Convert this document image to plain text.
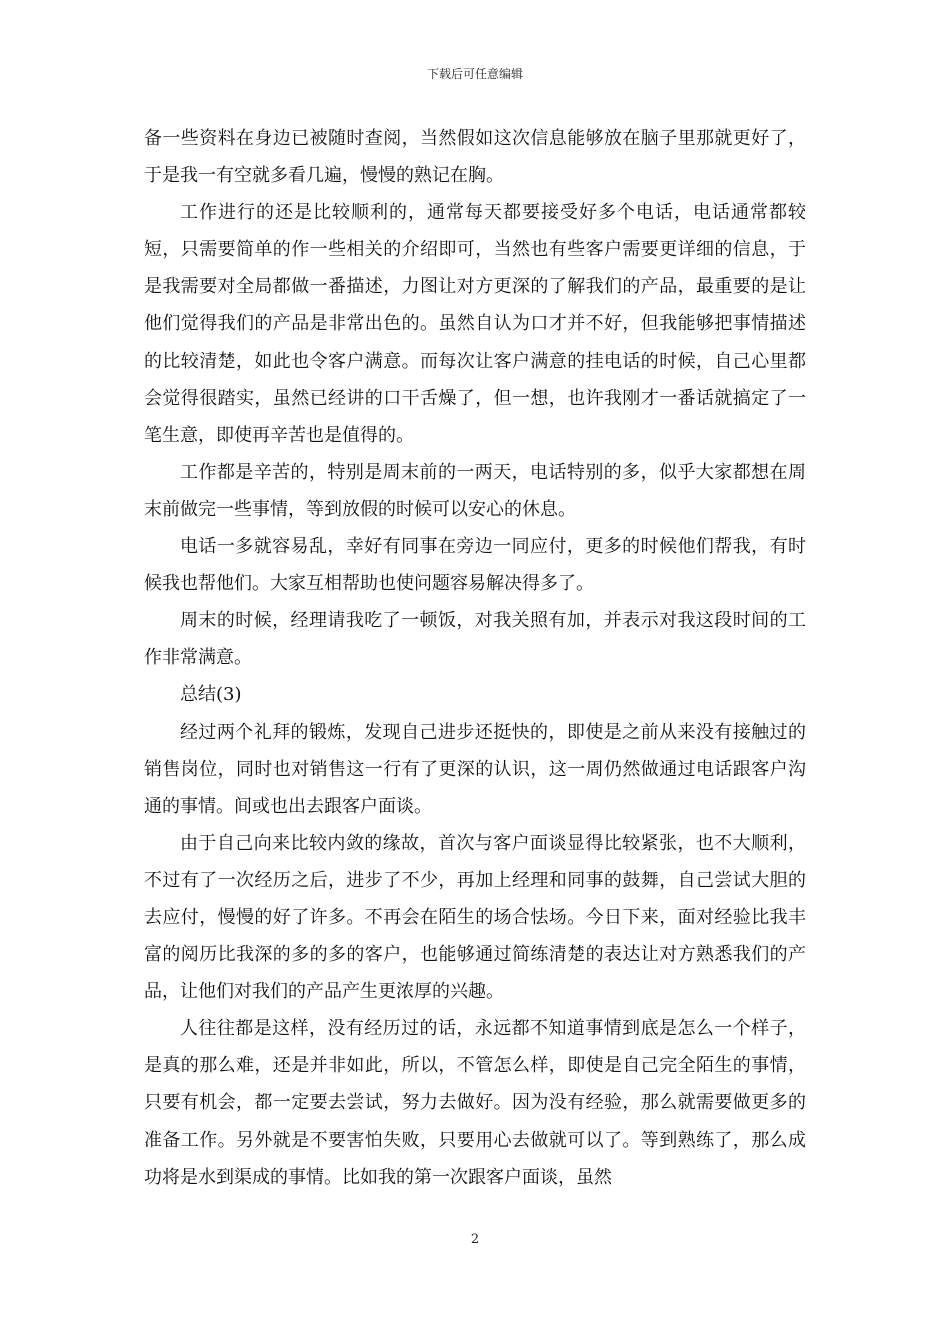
下载后可任意编辑

备一些资料在身边已被随时查阅，当然假如这次信息能够放在脑子里那就更好了，于是我一有空就多看几遍，慢慢的熟记在胸。

工作进行的还是比较顺利的，通常每天都要接受好多个电话，电话通常都较短，只需要简单的作一些相关的介绍即可，当然也有些客户需要更详细的信息，于是我需要对全局都做一番描述，力图让对方更深的了解我们的产品，最重要的是让他们觉得我们的产品是非常出色的。虽然自认为口才并不好，但我能够把事情描述的比较清楚，如此也令客户满意。而每次让客户满意的挂电话的时候，自己心里都会觉得很踏实，虽然已经讲的口干舌燥了，但一想，也许我刚才一番话就搞定了一笔生意，即使再辛苦也是值得的。

工作都是辛苦的，特别是周末前的一两天，电话特别的多，似乎大家都想在周末前做完一些事情，等到放假的时候可以安心的休息。

电话一多就容易乱，幸好有同事在旁边一同应付，更多的时候他们帮我，有时候我也帮他们。大家互相帮助也使问题容易解决得多了。

周末的时候，经理请我吃了一顿饭，对我关照有加，并表示对我这段时间的工作非常满意。

总结(3)

经过两个礼拜的锻炼，发现自己进步还挺快的，即使是之前从来没有接触过的销售岗位，同时也对销售这一行有了更深的认识，这一周仍然做通过电话跟客户沟通的事情。间或也出去跟客户面谈。

由于自己向来比较内敛的缘故，首次与客户面谈显得比较紧张，也不大顺利，不过有了一次经历之后，进步了不少，再加上经理和同事的鼓舞，自己尝试大胆的去应付，慢慢的好了许多。不再会在陌生的场合怯场。今日下来，面对经验比我丰富的阅历比我深的多的多的客户，也能够通过简练清楚的表达让对方熟悉我们的产品，让他们对我们的产品产生更浓厚的兴趣。

人往往都是这样，没有经历过的话，永远都不知道事情到底是怎么一个样子，是真的那么难，还是并非如此，所以，不管怎么样，即使是自己完全陌生的事情，只要有机会，都一定要去尝试，努力去做好。因为没有经验，那么就需要做更多的准备工作。另外就是不要害怕失败，只要用心去做就可以了。等到熟练了，那么成功将是水到渠成的事情。比如我的第一次跟客户面谈，虽然

2
